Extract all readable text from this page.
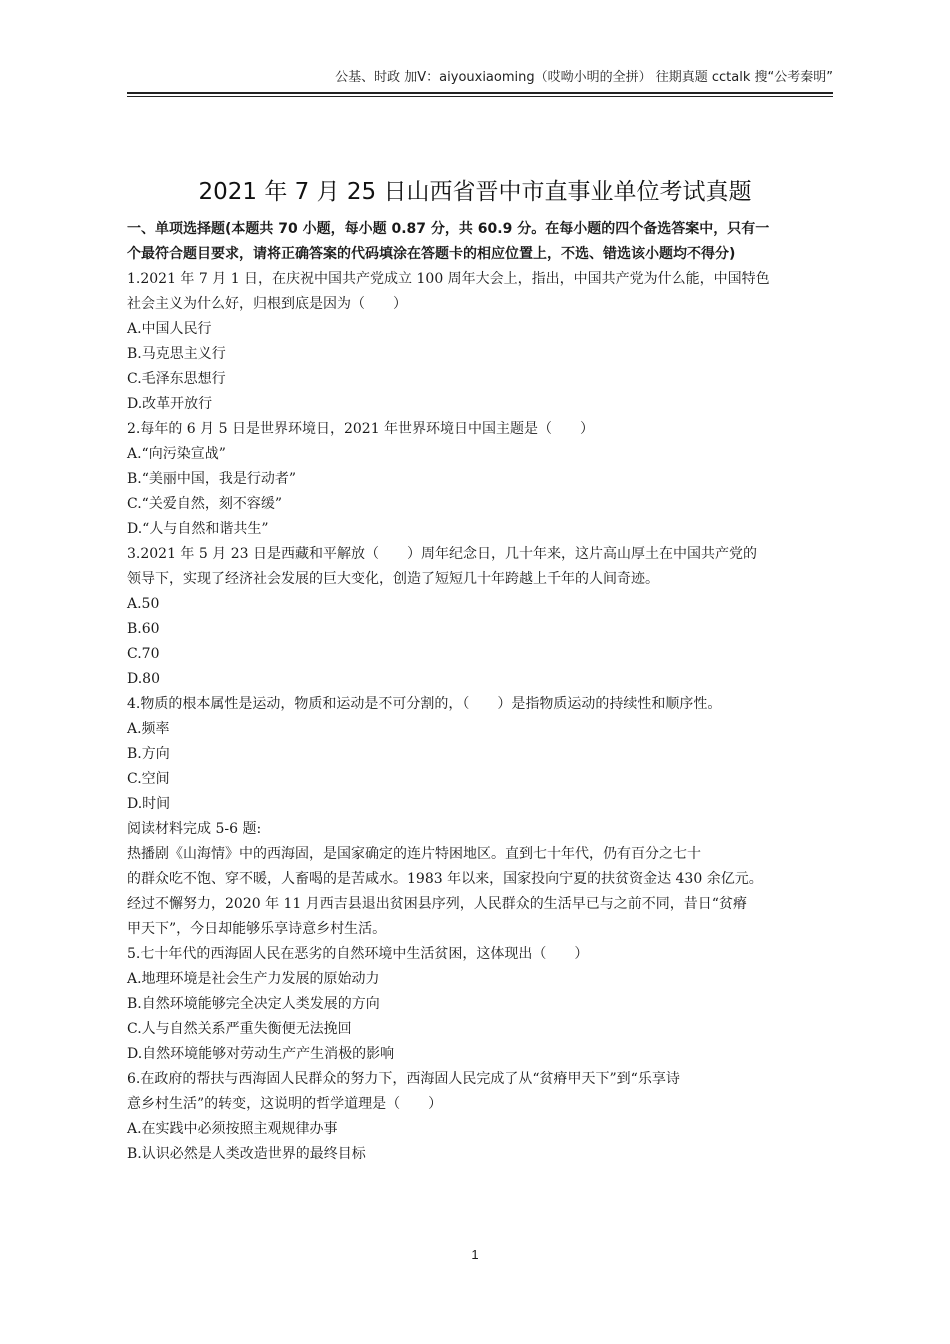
公基、时政 加V：aiyouxiaoming（哎呦小明的全拼） 往期真题 cctalk 搜“公考秦明”
2021 年 7 月 25 日山西省晋中市直事业单位考试真题
一、单项选择题(本题共 70 小题，每小题 0.87 分，共 60.9 分。在每小题的四个备选答案中，只有一
个最符合题目要求，请将正确答案的代码填涂在答题卡的相应位置上，不选、错选该小题均不得分)
1.2021 年 7 月 1 日，在庆祝中国共产党成立 100 周年大会上，指出，中国共产党为什么能，中国特色
社会主义为什么好，归根到底是因为（　　）
A.中国人民行
B.马克思主义行
C.毛泽东思想行
D.改革开放行
2.每年的 6 月 5 日是世界环境日，2021 年世界环境日中国主题是（　　）
A.“向污染宣战”
B.“美丽中国，我是行动者”
C.“关爱自然，刻不容缓”
D.“人与自然和谐共生”
3.2021 年 5 月 23 日是西藏和平解放（　　）周年纪念日，几十年来，这片高山厚土在中国共产党的
领导下，实现了经济社会发展的巨大变化，创造了短短几十年跨越上千年的人间奇迹。
A.50
B.60
C.70
D.80
4.物质的根本属性是运动，物质和运动是不可分割的，（　　）是指物质运动的持续性和顺序性。
A.频率
B.方向
C.空间
D.时间
阅读材料完成 5-6 题:
热播剧《山海情》中的西海固，是国家确定的连片特困地区。直到七十年代，仍有百分之七十
的群众吃不饱、穿不暖，人畜喝的是苦咸水。1983 年以来，国家投向宁夏的扶贫资金达 430 余亿元。
经过不懈努力，2020 年 11 月西吉县退出贫困县序列，人民群众的生活早已与之前不同，昔日“贫瘠
甲天下”，今日却能够乐享诗意乡村生活。
5.七十年代的西海固人民在恶劣的自然环境中生活贫困，这体现出（　　）
A.地理环境是社会生产力发展的原始动力
B.自然环境能够完全决定人类发展的方向
C.人与自然关系严重失衡便无法挽回
D.自然环境能够对劳动生产产生消极的影响
6.在政府的帮扶与西海固人民群众的努力下，西海固人民完成了从“贫瘠甲天下”到“乐享诗
意乡村生活”的转变，这说明的哲学道理是（　　）
A.在实践中必须按照主观规律办事
B.认识必然是人类改造世界的最终目标
1
